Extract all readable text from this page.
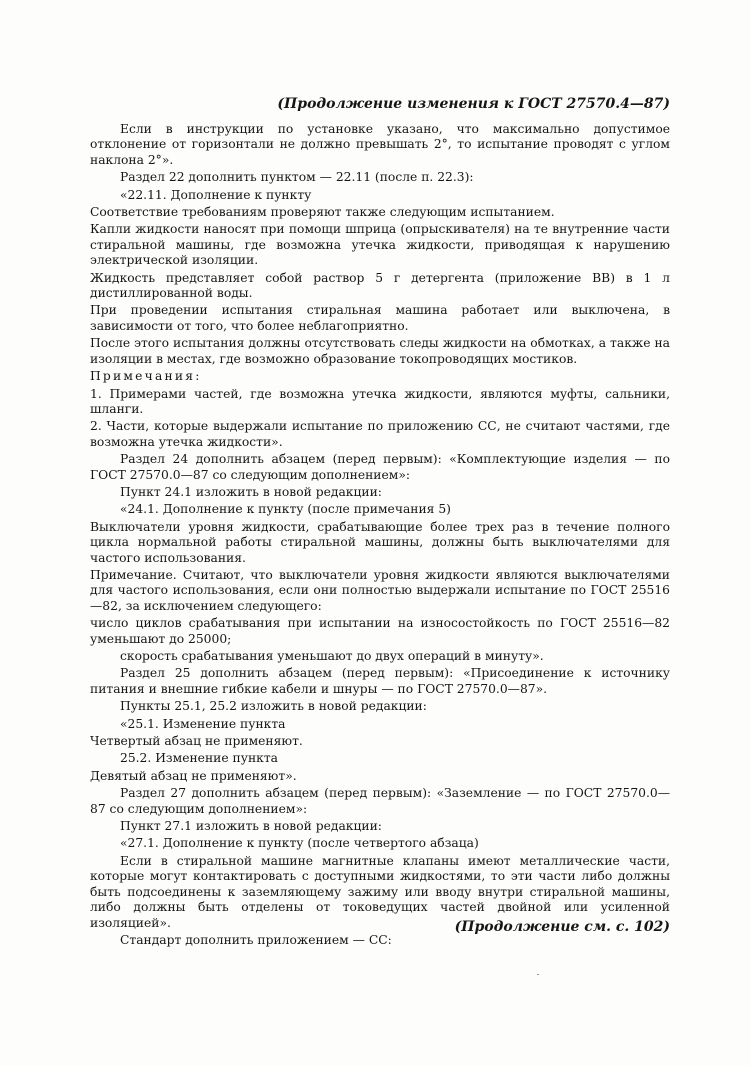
(Продолжение изменения к ГОСТ 27570.4—87)

Если в инструкции по установке указано, что максимально допустимое отклонение от горизонтали не должно превышать 2°, то испытание проводят с углом наклона 2°».

Раздел 22 дополнить пунктом — 22.11 (после п. 22.3):

«22.11. Дополнение к пункту

Соответствие требованиям проверяют также следующим испытанием.

Капли жидкости наносят при помощи шприца (опрыскивателя) на те внутренние части стиральной машины, где возможна утечка жидкости, приводящая к нарушению электрической изоляции.

Жидкость представляет собой раствор 5 г детергента (приложение ВВ) в 1 л дистиллированной воды.

При проведении испытания стиральная машина работает или выключена, в зависимости от того, что более неблагоприятно.

После этого испытания должны отсутствовать следы жидкости на обмотках, а также на изоляции в местах, где возможно образование токопроводящих мостиков.

Примечания:

1. Примерами частей, где возможна утечка жидкости, являются муфты, сальники, шланги.

2. Части, которые выдержали испытание по приложению СС, не считают частями, где возможна утечка жидкости».

Раздел 24 дополнить абзацем (перед первым): «Комплектующие изделия — по ГОСТ 27570.0—87 со следующим дополнением»:

Пункт 24.1 изложить в новой редакции:

«24.1. Дополнение к пункту (после примечания 5)

Выключатели уровня жидкости, срабатывающие более трех раз в течение полного цикла нормальной работы стиральной машины, должны быть выключателями для частого использования.

Примечание. Считают, что выключатели уровня жидкости являются выключателями для частого использования, если они полностью выдержали испытание по ГОСТ 25516—82, за исключением следующего:

число циклов срабатывания при испытании на износостойкость по ГОСТ 25516—82 уменьшают до 25000;

скорость срабатывания уменьшают до двух операций в минуту».

Раздел 25 дополнить абзацем (перед первым): «Присоединение к источнику питания и внешние гибкие кабели и шнуры — по ГОСТ 27570.0—87».

Пункты 25.1, 25.2 изложить в новой редакции:

«25.1. Изменение пункта

Четвертый абзац не применяют.

25.2. Изменение пункта

Девятый абзац не применяют».

Раздел 27 дополнить абзацем (перед первым): «Заземление — по ГОСТ 27570.0—87 со следующим дополнением»:

Пункт 27.1 изложить в новой редакции:

«27.1. Дополнение к пункту (после четвертого абзаца)

Если в стиральной машине магнитные клапаны имеют металлические части, которые могут контактировать с доступными жидкостями, то эти части либо должны быть подсоединены к заземляющему зажиму или вводу внутри стиральной машины, либо должны быть отделены от токоведущих частей двойной или усиленной изоляцией».

Стандарт дополнить приложением — СС:

(Продолжение см. с. 102)
